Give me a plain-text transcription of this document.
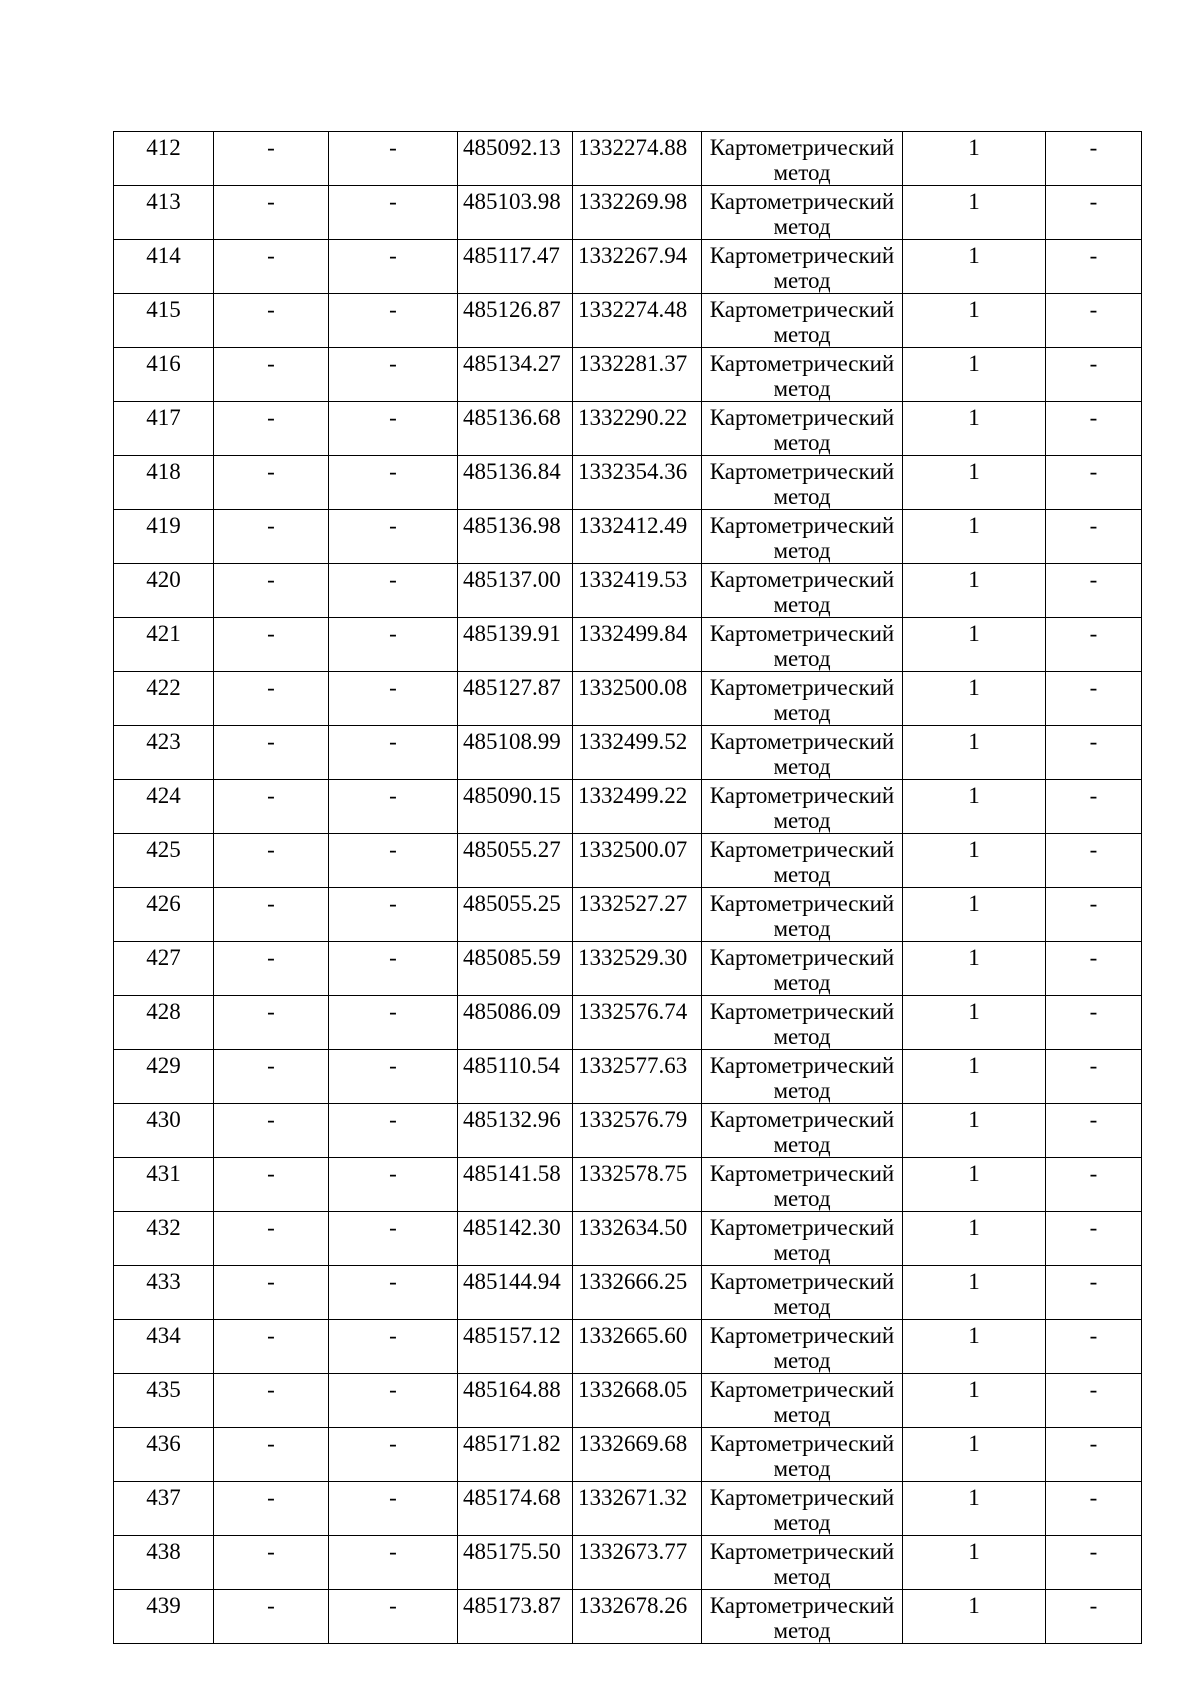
412	-	-	485092.13	1332274.88	Картометрический метод	1	-

413	-	-	485103.98	1332269.98	Картометрический метод	1	-

414	-	-	485117.47	1332267.94	Картометрический метод	1	-

415	-	-	485126.87	1332274.48	Картометрический метод	1	-

416	-	-	485134.27	1332281.37	Картометрический метод	1	-

417	-	-	485136.68	1332290.22	Картометрический метод	1	-

418	-	-	485136.84	1332354.36	Картометрический метод	1	-

419	-	-	485136.98	1332412.49	Картометрический метод	1	-

420	-	-	485137.00	1332419.53	Картометрический метод	1	-

421	-	-	485139.91	1332499.84	Картометрический метод	1	-

422	-	-	485127.87	1332500.08	Картометрический метод	1	-

423	-	-	485108.99	1332499.52	Картометрический метод	1	-

424	-	-	485090.15	1332499.22	Картометрический метод	1	-

425	-	-	485055.27	1332500.07	Картометрический метод	1	-

426	-	-	485055.25	1332527.27	Картометрический метод	1	-

427	-	-	485085.59	1332529.30	Картометрический метод	1	-

428	-	-	485086.09	1332576.74	Картометрический метод	1	-

429	-	-	485110.54	1332577.63	Картометрический метод	1	-

430	-	-	485132.96	1332576.79	Картометрический метод	1	-

431	-	-	485141.58	1332578.75	Картометрический метод	1	-

432	-	-	485142.30	1332634.50	Картометрический метод	1	-

433	-	-	485144.94	1332666.25	Картометрический метод	1	-

434	-	-	485157.12	1332665.60	Картометрический метод	1	-

435	-	-	485164.88	1332668.05	Картометрический метод	1	-

436	-	-	485171.82	1332669.68	Картометрический метод	1	-

437	-	-	485174.68	1332671.32	Картометрический метод	1	-

438	-	-	485175.50	1332673.77	Картометрический метод	1	-

439	-	-	485173.87	1332678.26	Картометрический метод	1	-
